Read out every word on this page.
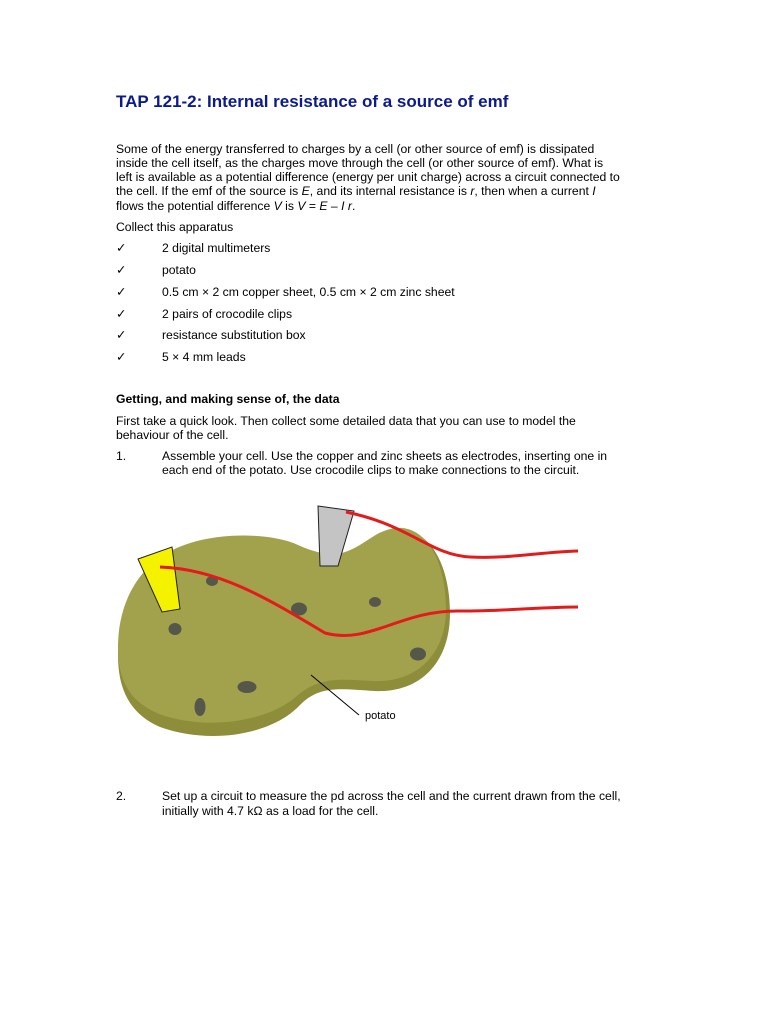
TAP 121-2: Internal resistance of a source of emf

Some of the energy transferred to charges by a cell (or other source of emf) is dissipated

inside the cell itself, as the charges move through the cell (or other source of emf). What is

left is available as a potential difference (energy per unit charge) across a circuit connected to

the cell. If the emf of the source is E, and its internal resistance is r, then when a current I

flows the potential difference V is V = E – I r.

Collect this apparatus
✓	2 digital multimeters
✓	potato
✓	0.5 cm × 2 cm copper sheet, 0.5 cm × 2 cm zinc sheet
✓	2 pairs of crocodile clips
✓	resistance substitution box
✓	5 × 4 mm leads
Getting, and making sense of, the data

First take a quick look. Then collect some detailed data that you can use to model the

behaviour of the cell.

1.	Assemble your cell. Use the copper and zinc sheets as electrodes, inserting one in

each end of the potato. Use crocodile clips to make connections to the circuit.

potato
2.	Set up a circuit to measure the pd across the cell and the current drawn from the cell,

initially with 4.7 kΩ as a load for the cell.
